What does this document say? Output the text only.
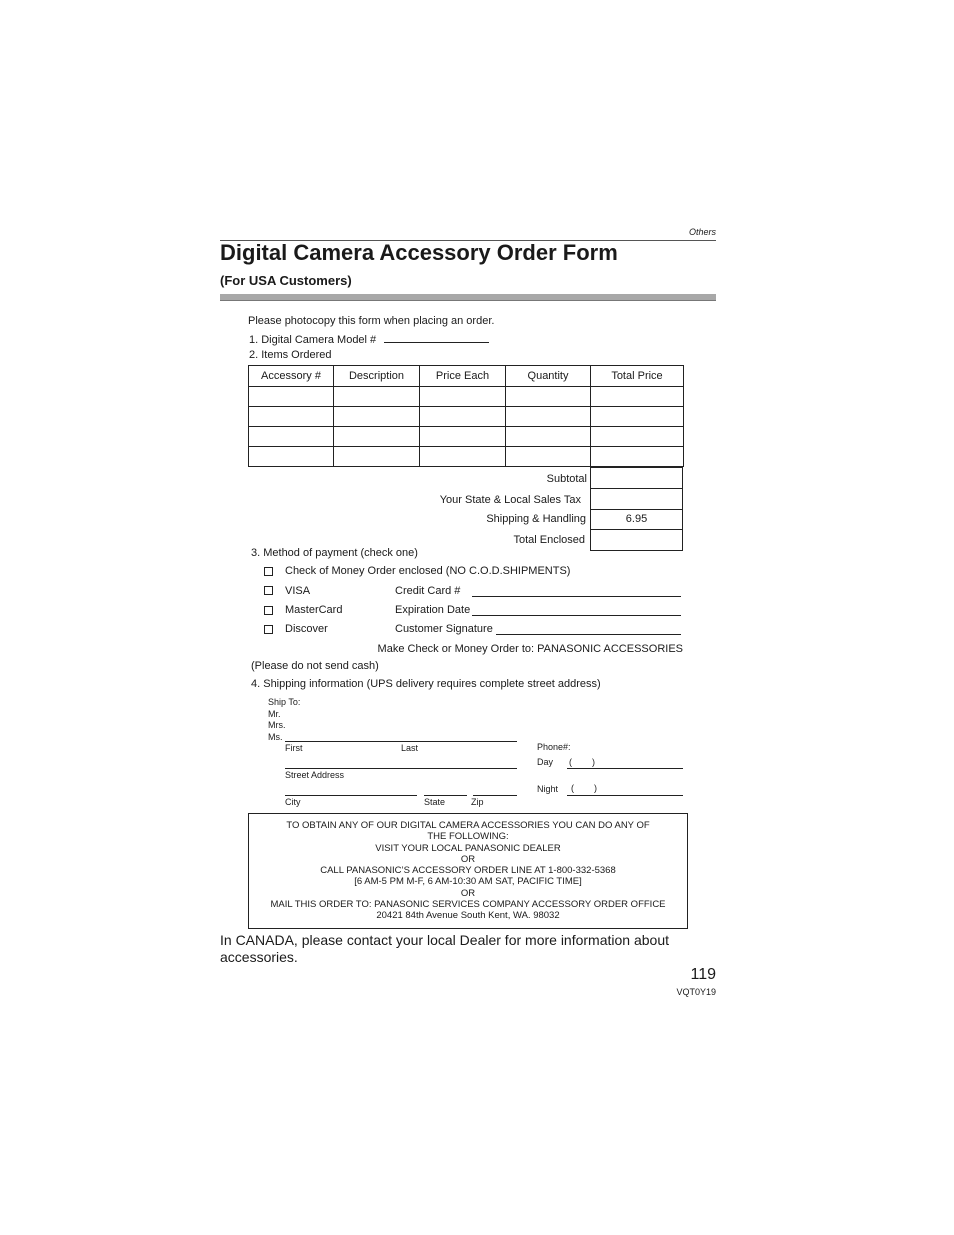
Others
Digital Camera Accessory Order Form
(For USA Customers)
Please photocopy this form when placing an order.
1. Digital Camera Model #
2. Items Ordered
Accessory #	Description	Price Each	Quantity	Total Price

Subtotal
Your State & Local Sales Tax
Shipping & Handling	6.95
Total Enclosed
3. Method of payment (check one)
Check of Money Order enclosed (NO C.O.D.SHIPMENTS)
VISA	Credit Card #
MasterCard	Expiration Date
Discover	Customer Signature
Make Check or Money Order to: PANASONIC ACCESSORIES
(Please do not send cash)
4. Shipping information (UPS delivery requires complete street address)
Ship To:
Mr.
Mrs.
Ms.
First	Last
Street Address
City	State	Zip
Phone#:
Day ( )
Night ( )
TO OBTAIN ANY OF OUR DIGITAL CAMERA ACCESSORIES YOU CAN DO ANY OF
THE FOLLOWING:
VISIT YOUR LOCAL PANASONIC DEALER
OR
CALL PANASONIC’S ACCESSORY ORDER LINE AT 1-800-332-5368
[6 AM-5 PM M-F, 6 AM-10:30 AM SAT, PACIFIC TIME]
OR
MAIL THIS ORDER TO: PANASONIC SERVICES COMPANY ACCESSORY ORDER OFFICE
20421 84th Avenue South Kent, WA. 98032
In CANADA, please contact your local Dealer for more information about accessories.
119
VQT0Y19
